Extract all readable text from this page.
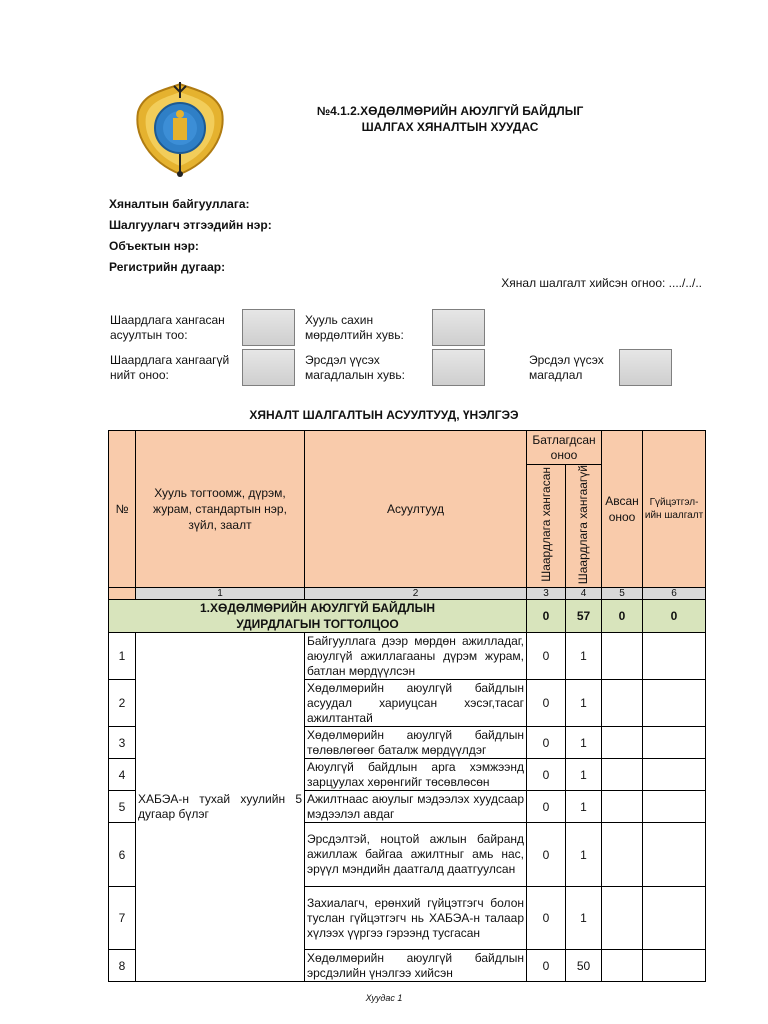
№4.1.2.ХӨДӨЛМӨРИЙН АЮУЛГҮЙ БАЙДЛЫГ
ШАЛГАХ ХЯНАЛТЫН ХУУДАС
Хяналтын байгууллага:
Шалгуулагч этгээдийн нэр:
Объектын нэр:
Регистрийн дугаар:
Хянал шалгалт хийсэн огноо: ..../../..
Шаардлага хангасан асуултын тоо:
Шаардлага хангаагүй нийт оноо:
Хууль сахин мөрдөлтийн хувь:
Эрсдэл үүсэх магадлалын хувь:
Эрсдэл үүсэх магадлал
ХЯНАЛТ ШАЛГАЛТЫН АСУУЛТУУД, ҮНЭЛГЭЭ
№	Хууль тогтоомж, дүрэм, журам, стандартын нэр, зүйл, заалт	Асуултууд	Батлагдсан оноо		Авсан оноо	Гүйцэтгэл-ийн шалгалт
			Шаардлага хангасан	Шаардлага хангаагүй		
	1	2	3	4	5	6
1.ХӨДӨЛМӨРИЙН АЮУЛГҮЙ БАЙДЛЫН УДИРДЛАГЫН ТОГТОЛЦОО			0	57	0	0
1	ХАБЭА-н тухай хуулийн 5 дугаар бүлэг	Байгууллага дээр мөрдөн ажилладаг, аюулгүй ажиллагааны дүрэм журам, батлан мөрдүүлсэн	0	1		
2		Хөдөлмөрийн аюулгүй байдлын асуудал хариуцсан хэсэг,тасаг ажилтантай	0	1		
3		Хөдөлмөрийн аюулгүй байдлын төлөвлөгөөг баталж мөрдүүлдэг	0	1		
4		Аюулгүй байдлын арга хэмжээнд зарцуулах хөрөнгийг төсөвлөсөн	0	1		
5		Ажилтнаас аюулыг мэдээлэх хуудсаар мэдээлэл авдаг	0	1		
6		Эрсдэлтэй, ноцтой ажлын байранд ажиллаж байгаа ажилтныг амь нас, эрүүл мэндийн даатгалд даатгуулсан	0	1		
7		Захиалагч, ерөнхий гүйцэтгэгч болон туслан гүйцэтгэгч нь ХАБЭА-н талаар хүлээх үүргээ гэрээнд тусгасан	0	1		
8		Хөдөлмөрийн аюулгүй байдлын эрсдэлийн үнэлгээ хийсэн	0	50		
Хуудас 1
